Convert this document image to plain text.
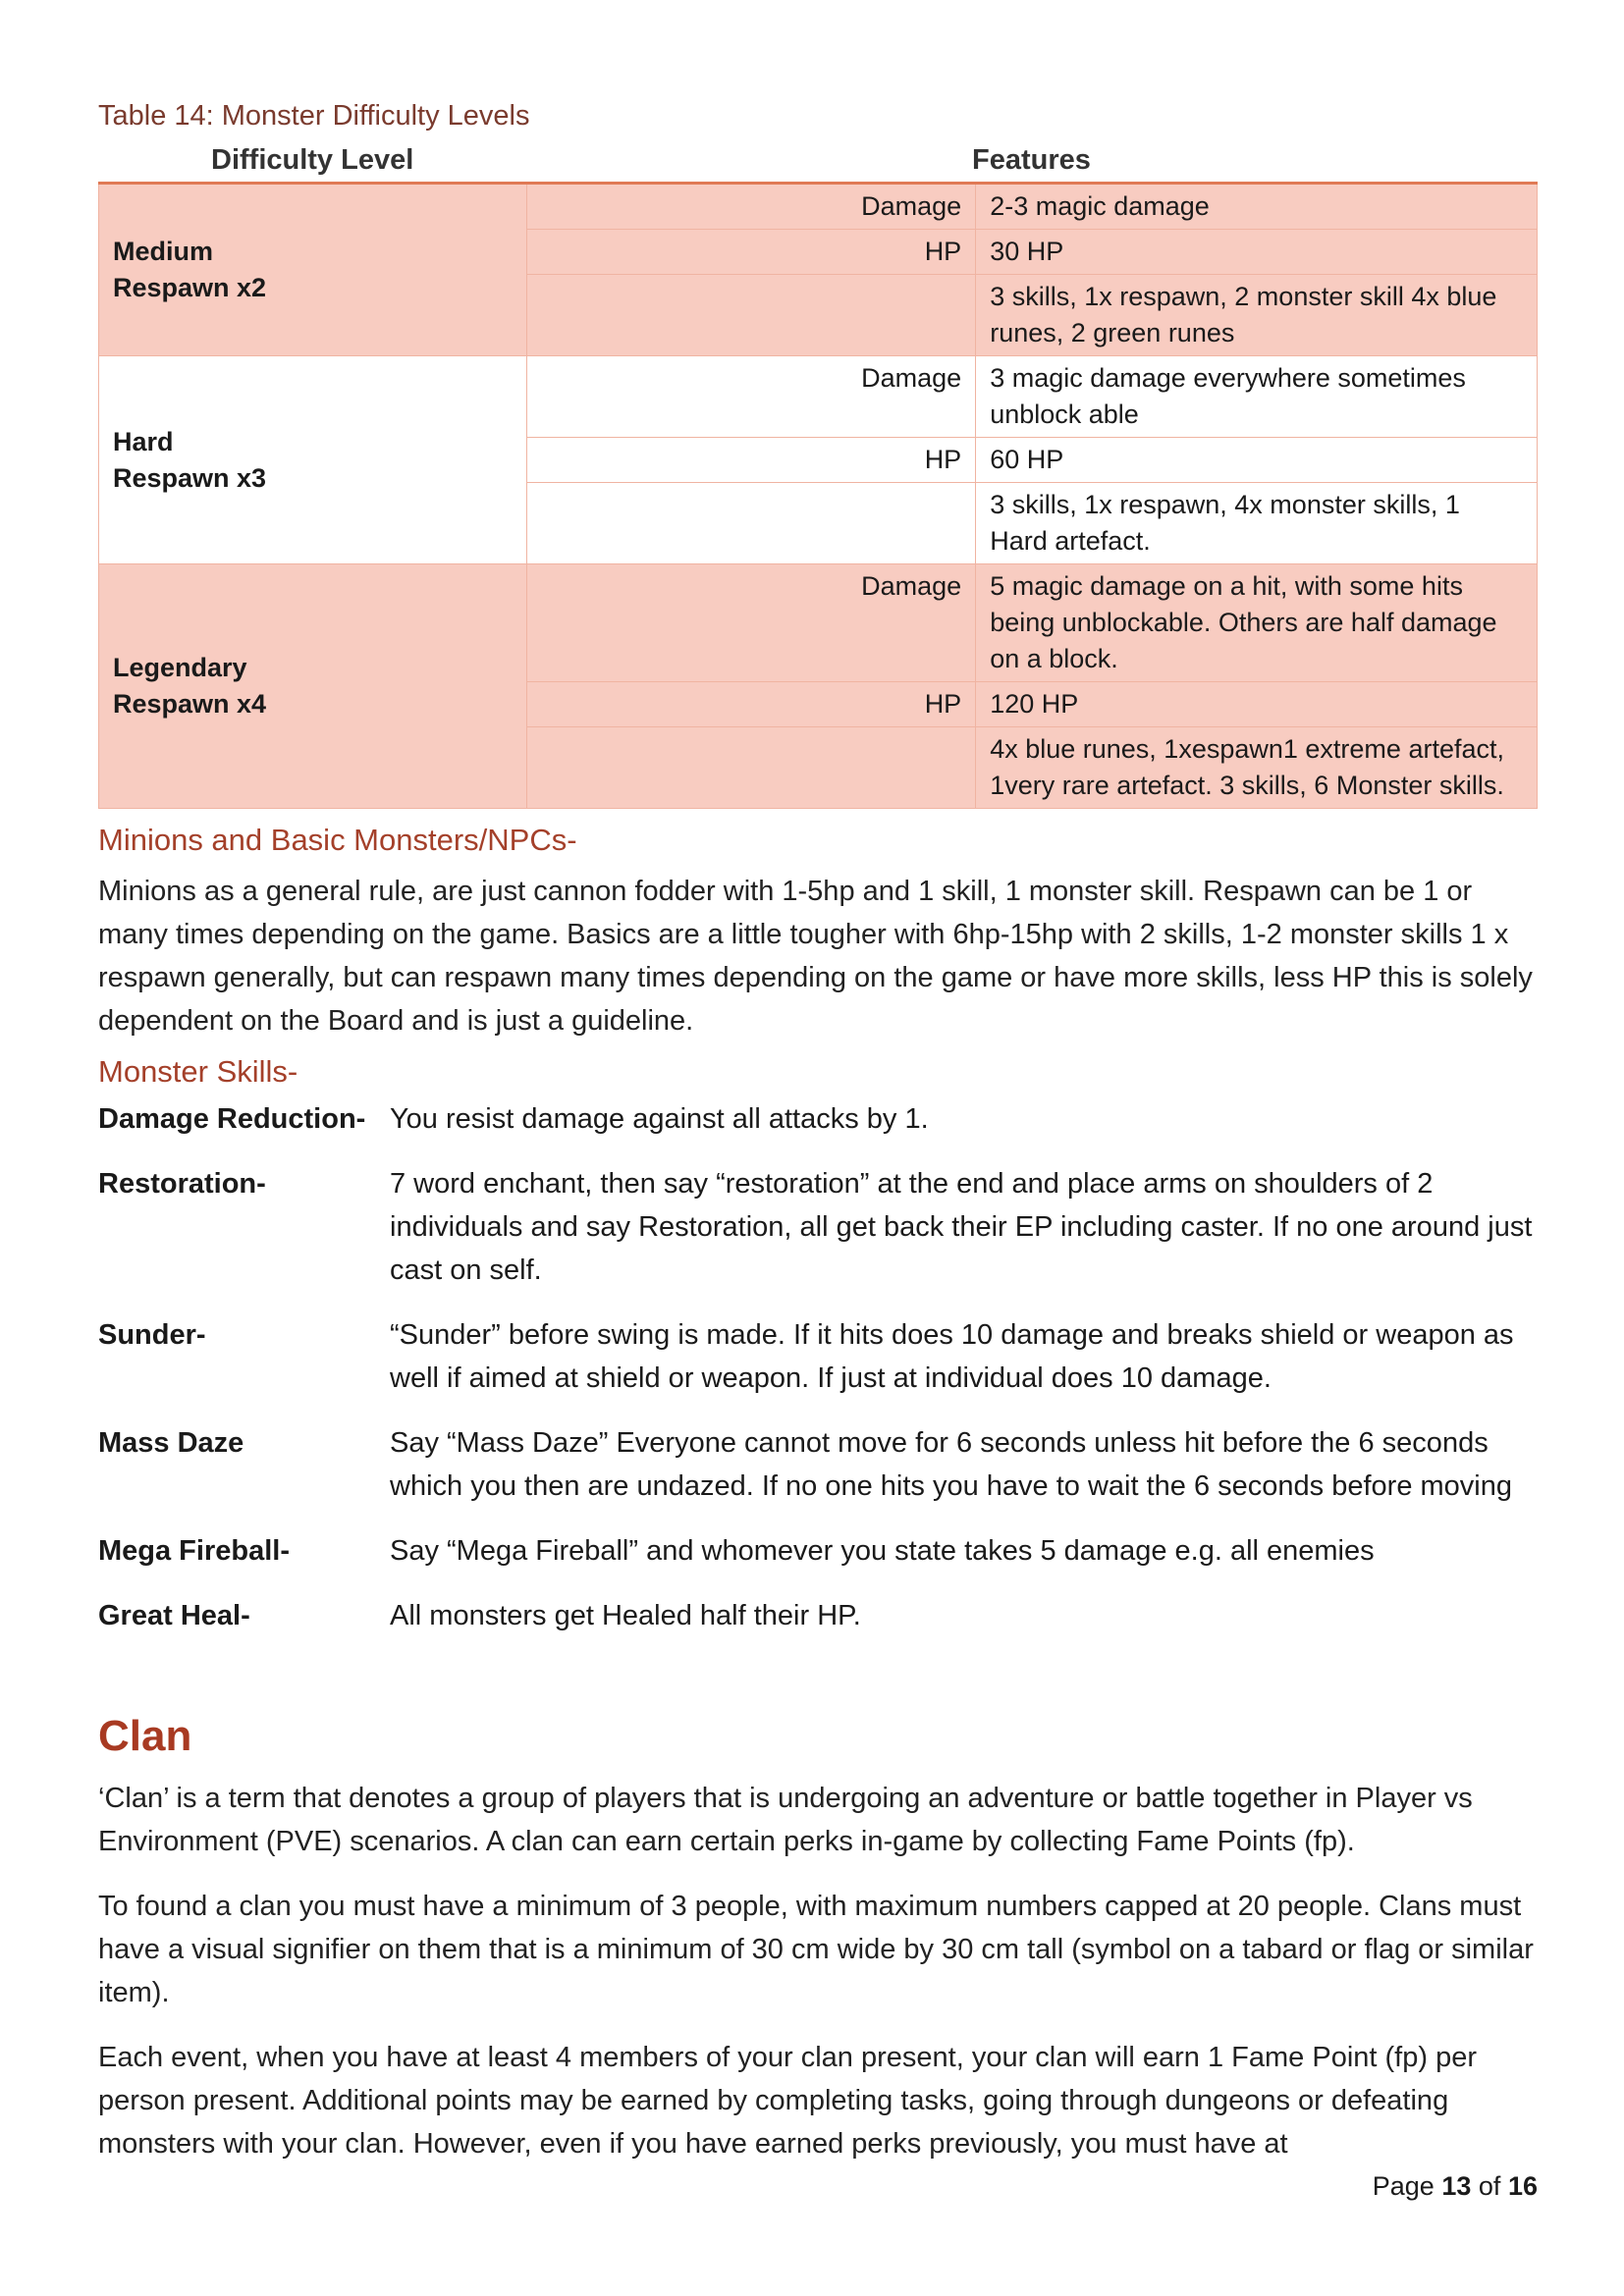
Table 14: Monster Difficulty Levels
Difficulty Level	Features
Medium
Respawn x2	Damage	2-3 magic damage
	HP	30 HP
		3 skills, 1x respawn, 2 monster skill 4x blue runes, 2 green runes

Hard
Respawn x3	Damage	3 magic damage everywhere sometimes unblock able
	HP	60 HP
		3 skills, 1x respawn, 4x monster skills, 1 Hard artefact.

Legendary
Respawn x4	Damage	5 magic damage on a hit, with some hits being unblockable. Others are half damage on a block.
	HP	120 HP
		4x blue runes, 1xespawn1 extreme artefact, 1very rare artefact. 3 skills, 6 Monster skills.
Minions and Basic Monsters/NPCs-
Minions as a general rule, are just cannon fodder with 1-5hp and 1 skill, 1 monster skill. Respawn can be 1 or many times depending on the game. Basics are a little tougher with 6hp-15hp with 2 skills, 1-2 monster skills 1 x respawn generally, but can respawn many times depending on the game or have more skills, less HP this is solely dependent on the Board and is just a guideline.
Monster Skills-
Damage Reduction- You resist damage against all attacks by 1.
Restoration-	7 word enchant, then say “restoration” at the end and place arms on shoulders of 2 individuals and say Restoration, all get back their EP including caster. If no one around just cast on self.
Sunder-	“Sunder” before swing is made. If it hits does 10 damage and breaks shield or weapon as well if aimed at shield or weapon. If just at individual does 10 damage.
Mass Daze	Say “Mass Daze” Everyone cannot move for 6 seconds unless hit before the 6 seconds which you then are undazed. If no one hits you have to wait the 6 seconds before moving
Mega Fireball-	Say “Mega Fireball” and whomever you state takes 5 damage e.g. all enemies
Great Heal-	All monsters get Healed half their HP.
Clan
‘Clan’ is a term that denotes a group of players that is undergoing an adventure or battle together in Player vs Environment (PVE) scenarios. A clan can earn certain perks in-game by collecting Fame Points (fp).
To found a clan you must have a minimum of 3 people, with maximum numbers capped at 20 people. Clans must have a visual signifier on them that is a minimum of 30 cm wide by 30 cm tall (symbol on a tabard or flag or similar item).
Each event, when you have at least 4 members of your clan present, your clan will earn 1 Fame Point (fp) per person present. Additional points may be earned by completing tasks, going through dungeons or defeating monsters with your clan. However, even if you have earned perks previously, you must have at
Page 13 of 16
